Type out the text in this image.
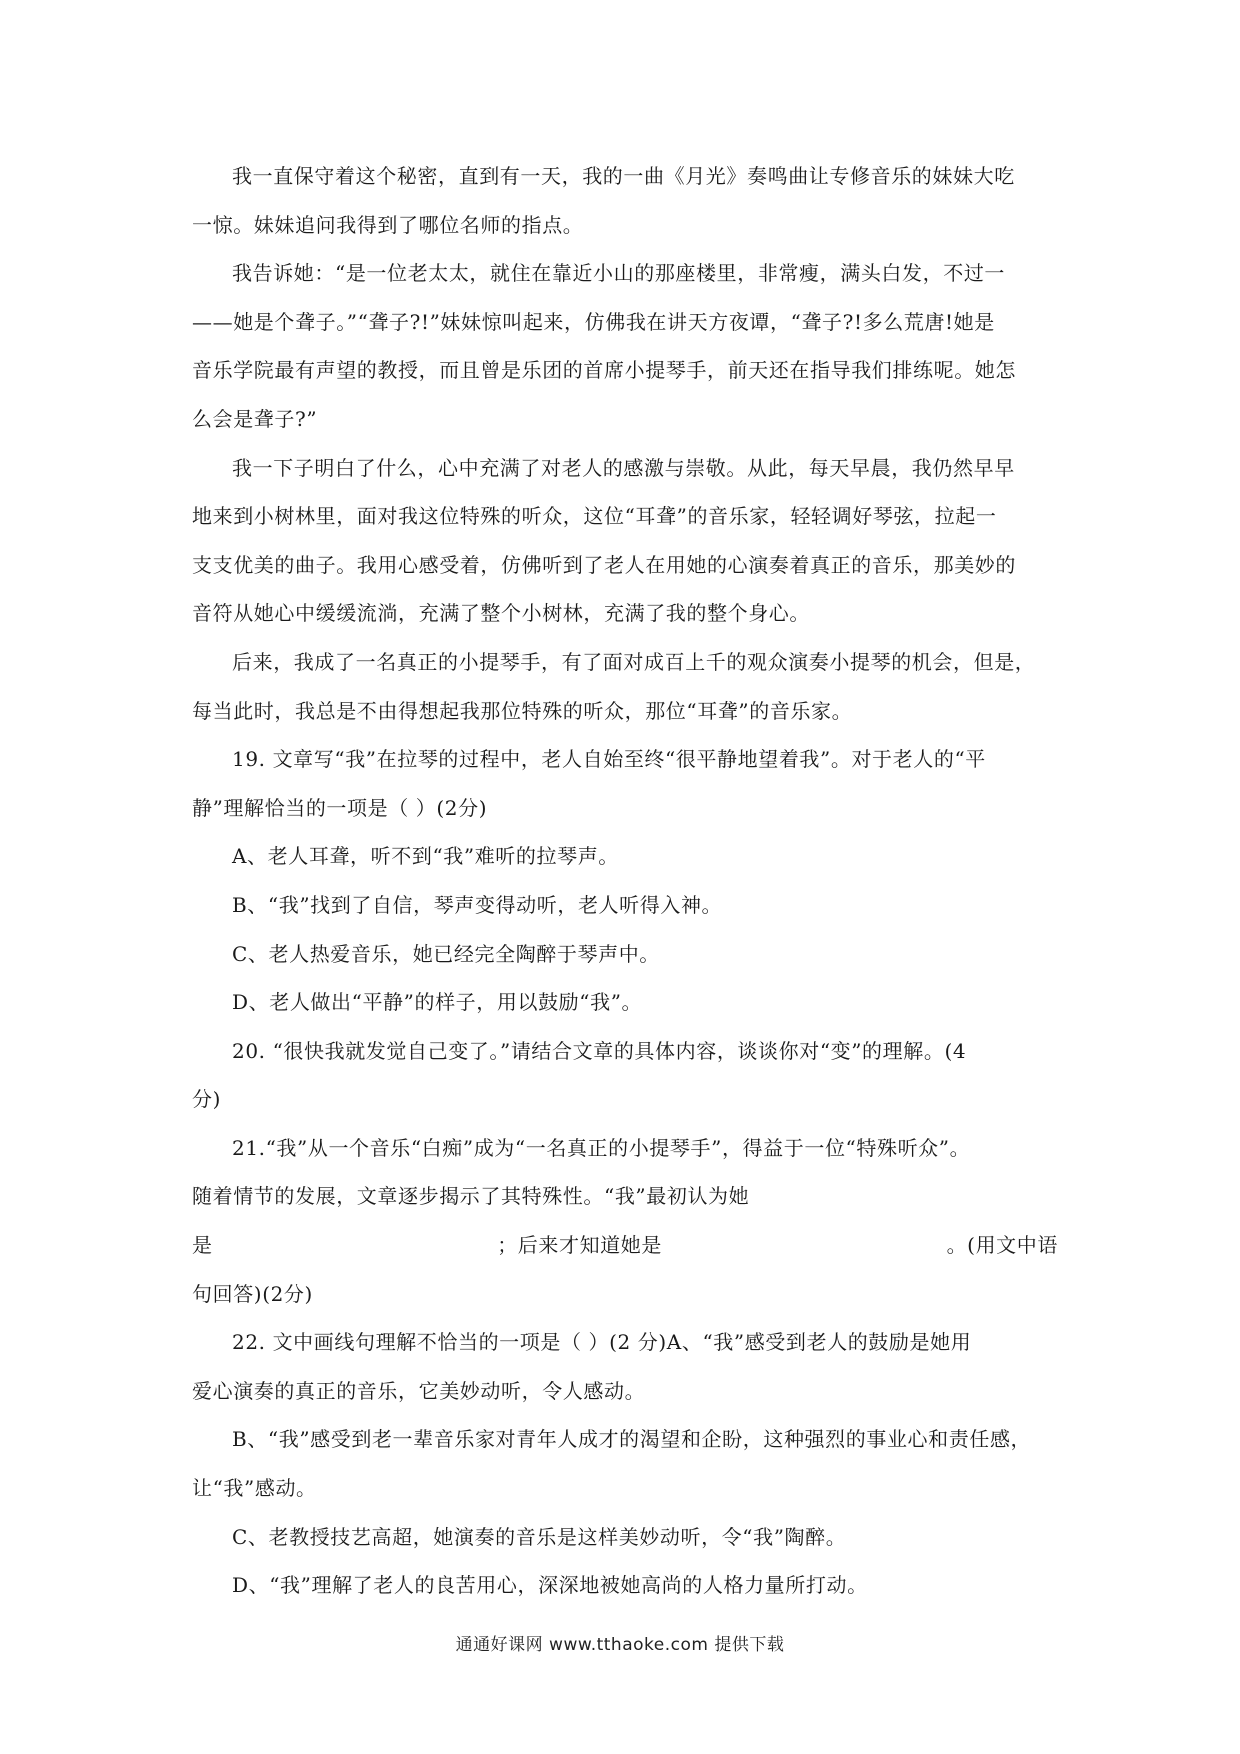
我一直保守着这个秘密，直到有一天，我的一曲《月光》奏鸣曲让专修音乐的妹妹大吃
一惊。妹妹追问我得到了哪位名师的指点。
我告诉她：“是一位老太太，就住在靠近小山的那座楼里，非常瘦，满头白发，不过一
——她是个聋子。”“聋子?!”妹妹惊叫起来，仿佛我在讲天方夜谭，“聋子?!多么荒唐!她是
音乐学院最有声望的教授，而且曾是乐团的首席小提琴手，前天还在指导我们排练呢。她怎
么会是聋子?”
我一下子明白了什么，心中充满了对老人的感激与崇敬。从此，每天早晨，我仍然早早
地来到小树林里，面对我这位特殊的听众，这位“耳聋”的音乐家，轻轻调好琴弦，拉起一
支支优美的曲子。我用心感受着，仿佛听到了老人在用她的心演奏着真正的音乐，那美妙的
音符从她心中缓缓流淌，充满了整个小树林，充满了我的整个身心。
后来，我成了一名真正的小提琴手，有了面对成百上千的观众演奏小提琴的机会，但是，
每当此时，我总是不由得想起我那位特殊的听众，那位“耳聋”的音乐家。
19. 文章写“我”在拉琴的过程中，老人自始至终“很平静地望着我”。对于老人的“平
静”理解恰当的一项是（ ）(2分)
A、老人耳聋，听不到“我”难听的拉琴声。
B、“我”找到了自信，琴声变得动听，老人听得入神。
C、老人热爱音乐，她已经完全陶醉于琴声中。
D、老人做出“平静”的样子，用以鼓励“我”。
20. “很快我就发觉自己变了。”请结合文章的具体内容，谈谈你对“变”的理解。(4
分)
21.“我”从一个音乐“白痴”成为“一名真正的小提琴手”，得益于一位“特殊听众”。
随着情节的发展，文章逐步揭示了其特殊性。“我”最初认为她
是	；后来才知道她是	。(用文中语
句回答)(2分)
22. 文中画线句理解不恰当的一项是（ ）(2 分)A、“我”感受到老人的鼓励是她用
爱心演奏的真正的音乐，它美妙动听，令人感动。
B、“我”感受到老一辈音乐家对青年人成才的渴望和企盼，这种强烈的事业心和责任感，
让“我”感动。
C、老教授技艺高超，她演奏的音乐是这样美妙动听，令“我”陶醉。
D、“我”理解了老人的良苦用心，深深地被她高尚的人格力量所打动。
通通好课网 www.tthaoke.com 提供下载
